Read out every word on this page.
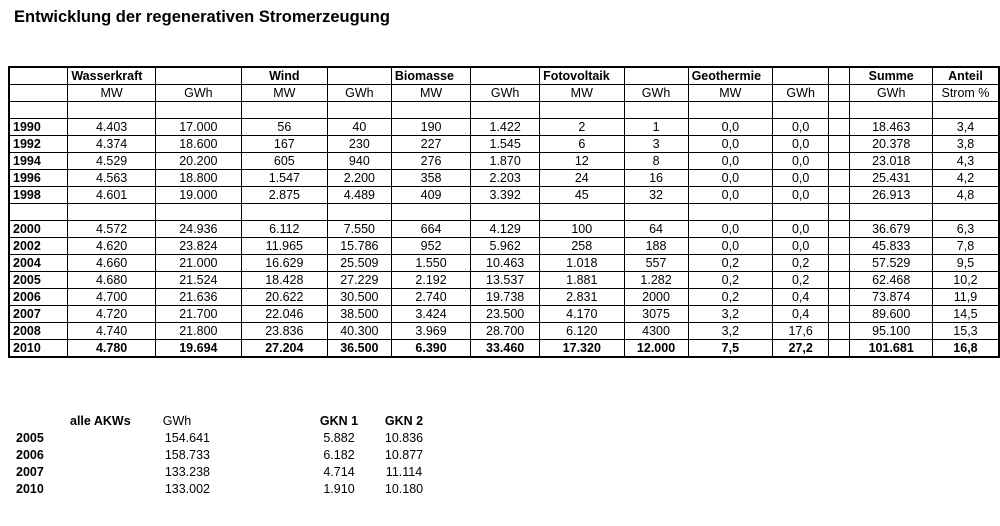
Entwicklung der regenerativen Stromerzeugung
	Wasserkraft		Wind		Biomasse		Fotovoltaik		Geothermie			Summe	Anteil
	MW	GWh	MW	GWh	MW	GWh	MW	GWh	MW	GWh		GWh	Strom %

1990	4.403	17.000	56	40	190	1.422	2	1	0,0	0,0		18.463	3,4
1992	4.374	18.600	167	230	227	1.545	6	3	0,0	0,0		20.378	3,8
1994	4.529	20.200	605	940	276	1.870	12	8	0,0	0,0		23.018	4,3
1996	4.563	18.800	1.547	2.200	358	2.203	24	16	0,0	0,0		25.431	4,2
1998	4.601	19.000	2.875	4.489	409	3.392	45	32	0,0	0,0		26.913	4,8

2000	4.572	24.936	6.112	7.550	664	4.129	100	64	0,0	0,0		36.679	6,3
2002	4.620	23.824	11.965	15.786	952	5.962	258	188	0,0	0,0		45.833	7,8
2004	4.660	21.000	16.629	25.509	1.550	10.463	1.018	557	0,2	0,2		57.529	9,5
2005	4.680	21.524	18.428	27.229	2.192	13.537	1.881	1.282	0,2	0,2		62.468	10,2
2006	4.700	21.636	20.622	30.500	2.740	19.738	2.831	2000	0,2	0,4		73.874	11,9
2007	4.720	21.700	22.046	38.500	3.424	23.500	4.170	3075	3,2	0,4		89.600	14,5
2008	4.740	21.800	23.836	40.300	3.969	28.700	6.120	4300	3,2	17,6		95.100	15,3
2010	4.780	19.694	27.204	36.500	6.390	33.460	17.320	12.000	7,5	27,2		101.681	16,8
alle AKWs	GWh	GKN 1	GKN 2
2005	154.641	5.882	10.836
2006	158.733	6.182	10.877
2007	133.238	4.714	11.114
2010	133.002	1.910	10.180
